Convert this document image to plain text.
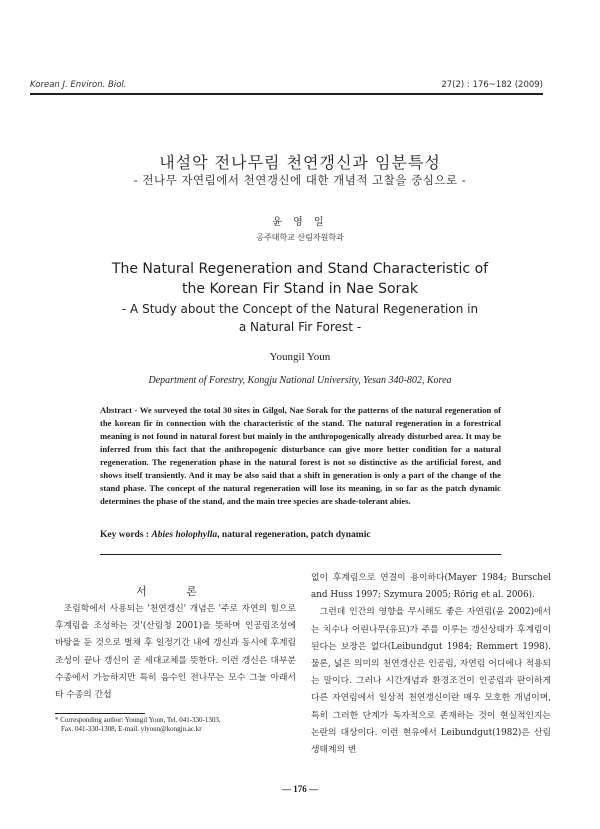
Korean J. Environ. Biol.	27(2) : 176~182 (2009)
내설악 전나무림 천연갱신과 임분특성
- 전나무 자연림에서 천연갱신에 대한 개념적 고찰을 중심으로 -
윤 영 일
공주대학교 산림자원학과
The Natural Regeneration and Stand Characteristic of
the Korean Fir Stand in Nae Sorak
- A Study about the Concept of the Natural Regeneration in
a Natural Fir Forest -
Youngil Youn
Department of Forestry, Kongju National University, Yesan 340-802, Korea
Abstract - We surveyed the total 30 sites in Gilgol, Nae Sorak for the patterns of the natural regeneration of the korean fir in connection with the characteristic of the stand. The natural regeneration in a forestrical meaning is not found in natural forest but mainly in the anthropogenically already disturbed area. It may be inferred from this fact that the anthropogenic disturbance can give more better condition for a natural regeneration. The regeneration phase in the natural forest is not so distinctive as the artificial forest, and shows itself transiently. And it may be also said that a shift in generation is only a part of the change of the stand phase. The concept of the natural regeneration will lose its meaning, in so far as the patch dynamic determines the phase of the stand, and the main tree species are shade-tolerant abies.
Key words : Abies holophylla, natural regeneration, patch dynamic
서 론

조림학에서 사용되는 '천연갱신' 개념은 '주로 자연의 힘으로 후계림을 조성하는 것'(산림청 2001)을 뜻하며 인공림조성에 바탕을 둔 것으로 벌채 후 일정기간 내에 갱신과 동시에 후계림 조성이 끝나 갱신이 곧 세대교체를 뜻한다. 이런 갱신은 대부분 수종에서 가능하지만 특히 음수인 전나무는 모수 그늘 아래서 타 수종의 간섭

* Corresponding author: Youngil Youn, Tel. 041-330-1303,
Fax. 041-330-1308, E-mail. ylyoun@kongju.ac.kr

없이 후계림으로 연결이 용이하다(Mayer 1984; Burschel and Huss 1997; Szymura 2005; Rörig et al. 2006).

그런데 인간의 영향을 무시해도 좋은 자연림(윤 2002)에서는 치수나 어린나무(유묘)가 주를 이루는 갱신상태가 후계림이 된다는 보장은 없다(Leibundgut 1984; Remmert 1998). 물론, 넓은 의미의 천연갱신은 인공림, 자연림 어디에나 적용되는 말이다. 그러나 시간개념과 환경조건이 인공림과 판이하게 다른 자연림에서 일상적 천연갱신이란 매우 모호한 개념이며, 특히 그러한 단계가 독자적으로 존재하는 것이 현실적인지는 논란의 대상이다. 이런 현유에서 Leibundgut(1982)은 산림생태계의 변

— 176 —
